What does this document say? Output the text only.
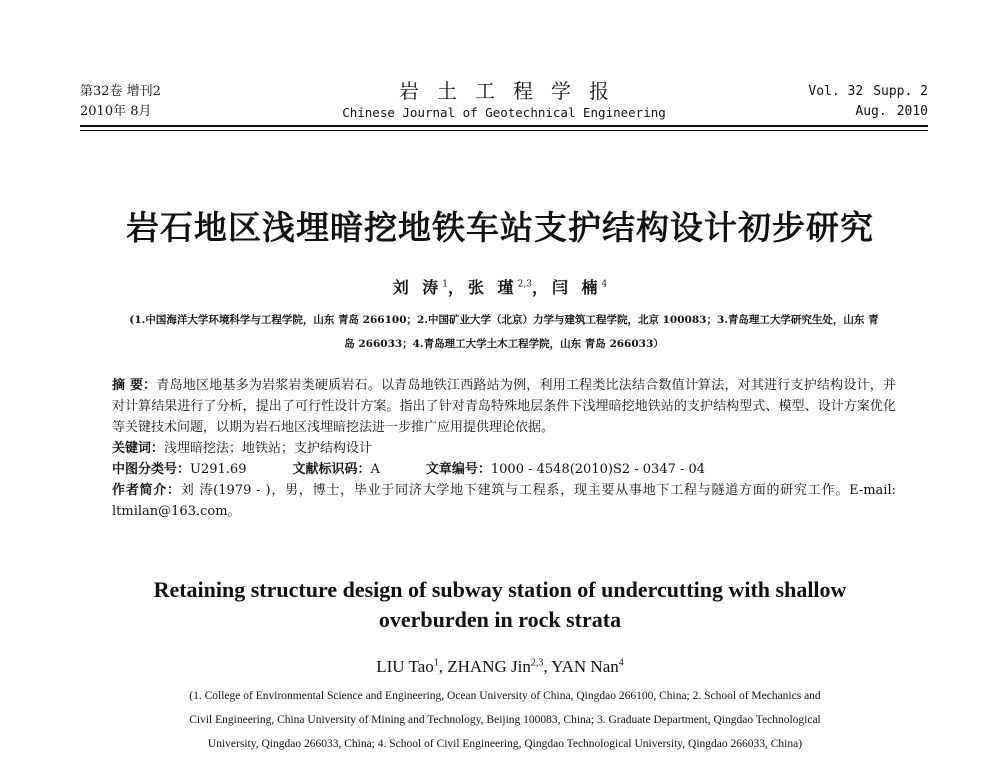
第32卷 增刊2
2010年 8月
岩土工程学报
Chinese Journal of Geotechnical Engineering
Vol. 32 Supp. 2
Aug. 2010
岩石地区浅埋暗挖地铁车站支护结构设计初步研究
刘 涛$^1$，张 瑾$^{2,3}$，闫 楠$^4$
(1.中国海洋大学环境科学与工程学院，山东 青岛 266100；2.中国矿业大学（北京）力学与建筑工程学院，北京 100083；3.青岛理工大学研究生处，山东 青
岛 266033；4.青岛理工大学土木工程学院，山东 青岛 266033）

摘 要：青岛地区地基多为岩浆岩类硬质岩石。以青岛地铁江西路站为例，利用工程类比法结合数值计算法，对其进行支护结构设计，并对计算结果进行了分析，提出了可行性设计方案。指出了针对青岛特殊地层条件下浅埋暗挖地铁站的支护结构型式、模型、设计方案优化等关键技术问题，以期为岩石地区浅埋暗挖法进一步推广应用提供理论依据。

关键词：浅埋暗挖法；地铁站；支护结构设计

中图分类号：U291.69	文献标识码：A	文章编号：1000 - 4548(2010)S2 - 0347 - 04

作者简介：刘 涛(1979 - )，男，博士，毕业于同济大学地下建筑与工程系，现主要从事地下工程与隧道方面的研究工作。E-mail: ltmilan@163.com。

Retaining structure design of subway station of undercutting with shallow
overburden in rock strata
LIU Tao$^1$, ZHANG Jin$^{2,3}$, YAN Nan$^4$
(1. College of Environmental Science and Engineering, Ocean University of China, Qingdao 266100, China; 2. School of Mechanics and
Civil Engineering, China University of Mining and Technology, Beijing 100083, China; 3. Graduate Department, Qingdao Technological
University, Qingdao 266033, China; 4. School of Civil Engineering, Qingdao Technological University, Qingdao 266033, China)
